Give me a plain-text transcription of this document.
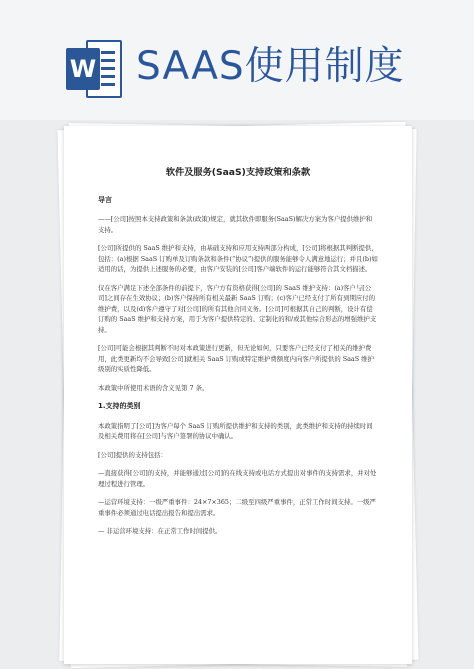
W SAAS使用制度
软件及服务(SaaS)支持政策和条款
导言

——[公司]按照本支持政策和条款(政策)规定，就其软件即服务(SaaS)解决方案为客户提供维护和支持。

[公司]所提供的 SaaS 维护和支持，由基础支持和应用支持两部分构成，[公司]将根据其判断提供，包括：(a)根据 SaaS 订购单及订购条款和条件(“协议”)提供的服务能够令人满意地运行；并且(b)如适用的话，为提供上述服务的必要，由客户安装的[公司]客户端软件的运行能够符合其文档描述。

仅在客户满足下述全部条件的前提下，客户方有资格获得[公司]的 SaaS 维护支持：(a)客户与[公司]之间存在生效协议；(b)客户保持所有相关最新 SaaS 订购；(c)客户已经支付了所有到期应付的维护费，以及(d)客户遵守了对[公司]的所有其他合同义务。[公司]可根据其自己的判断，设计有偿订购的 SaaS 维护和支持方案，用于为客户提供特定的、定制化的和/或其他综合形态的增强维护支持。

[公司]可能会根据其判断不时对本政策进行更新，但无论如何，只要客户已经支付了相关的维护费用，此类更新均不会导致[公司]就相关 SaaS 订购或特定维护费额度内向客户所提供的 SaaS 维护级别的实质性降低。

本政策中所使用术语的含义见第 7 条。

1.支持的类别

本政策指明了[公司]为客户每个 SaaS 订购所提供维护和支持的类别，此类维护和支持的持续时间及相关费用将在[公司]与客户签署的协议中确认。

[公司]提供的支持包括：

—直接获得[公司]的支持，并能够通过[公司]的在线支持或电话方式提出对事件的支持需求，并对处理过程进行管理。

—运营环境支持：一级严重事件：24×7×365；二级至四级严重事件，正常工作时间支持。一级严重事件必须通过电话提出报告和提出需求。

— 非运营环境支持：在正常工作时间提供。
